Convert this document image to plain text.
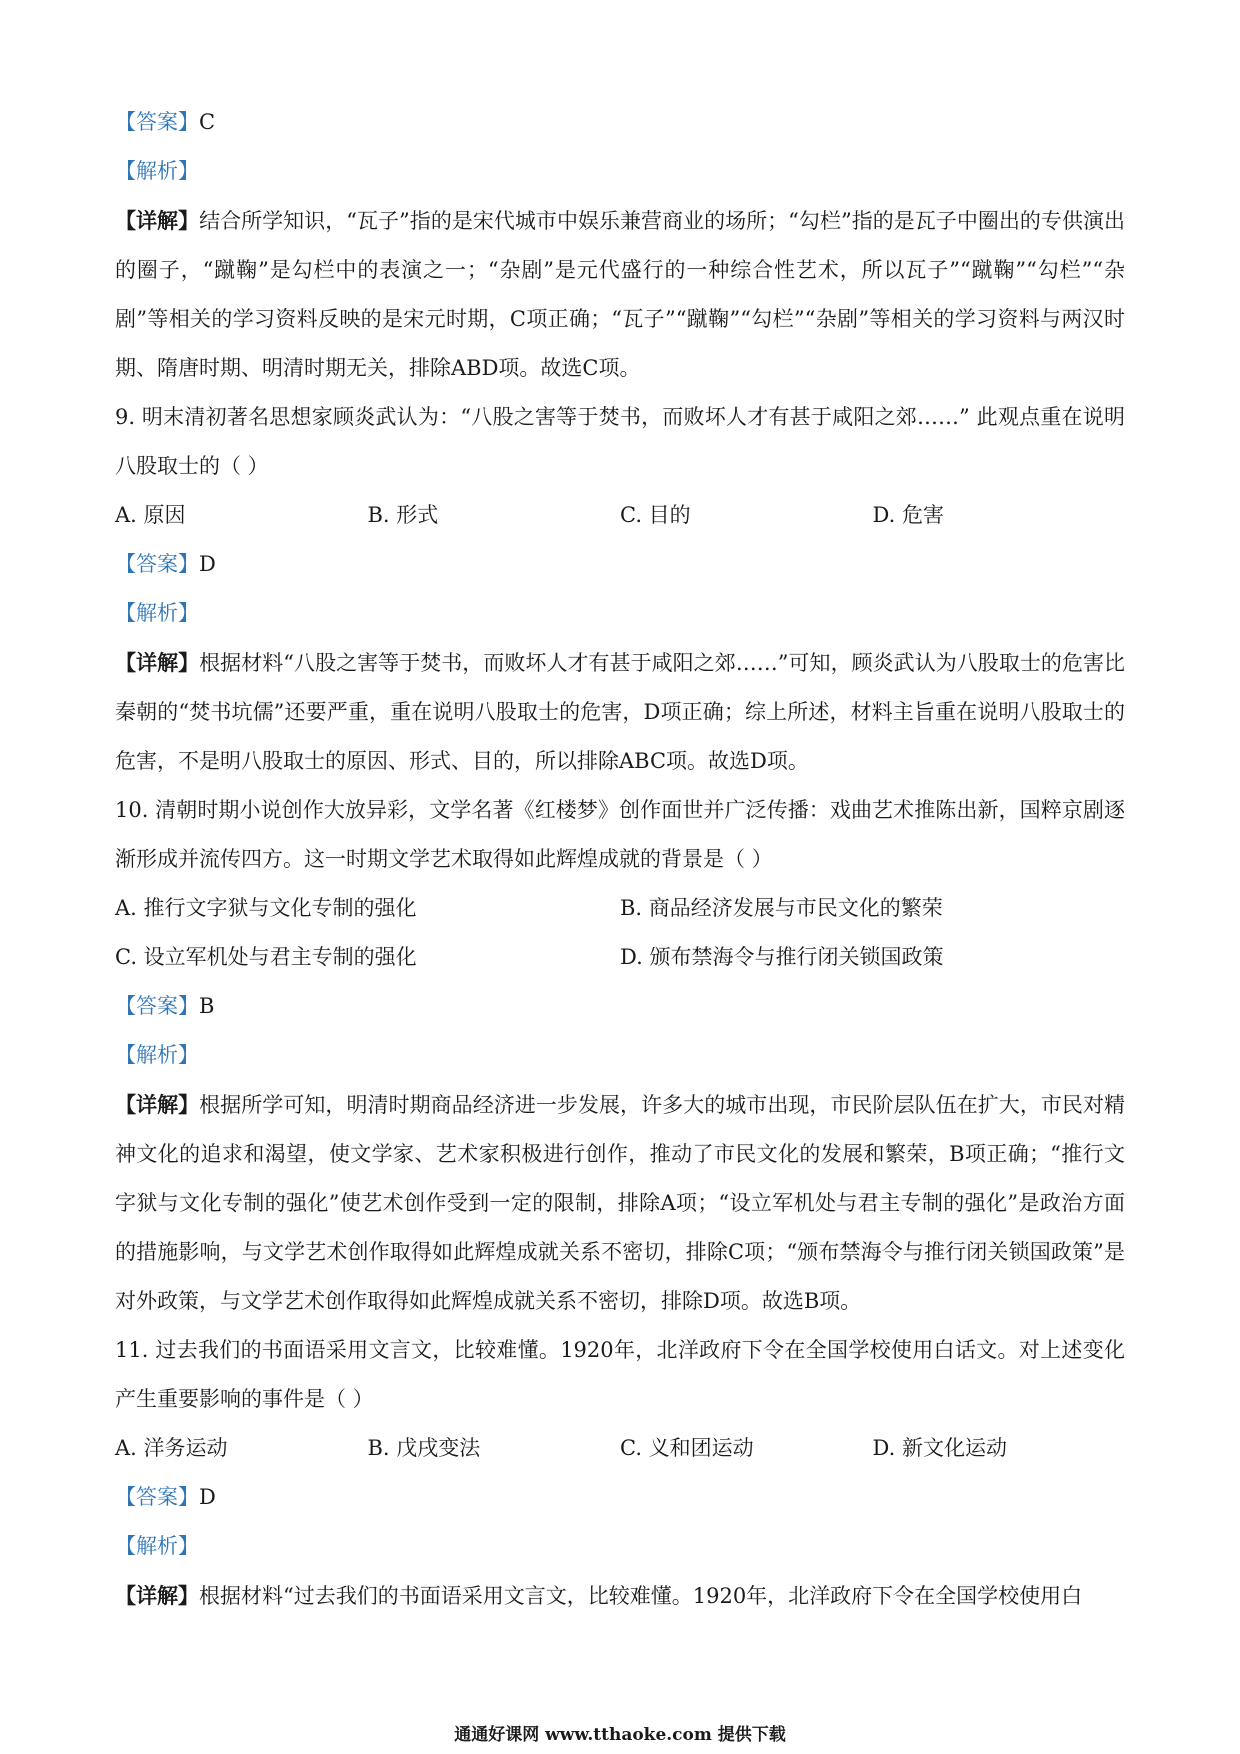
【答案】C
【解析】
【详解】结合所学知识，“瓦子”指的是宋代城市中娱乐兼营商业的场所；“勾栏”指的是瓦子中圈出的专供演出的圈子，“蹴鞠”是勾栏中的表演之一；“杂剧”是元代盛行的一种综合性艺术，所以瓦子”“蹴鞠”“勾栏”“杂剧”等相关的学习资料反映的是宋元时期，C项正确；“瓦子”“蹴鞠”“勾栏”“杂剧”等相关的学习资料与两汉时期、隋唐时期、明清时期无关，排除ABD项。故选C项。
9. 明末清初著名思想家顾炎武认为：“八股之害等于焚书，而败坏人才有甚于咸阳之郊……” 此观点重在说明八股取士的（ ）
A. 原因	B. 形式	C. 目的	D. 危害
【答案】D
【解析】
【详解】根据材料“八股之害等于焚书，而败坏人才有甚于咸阳之郊……”可知，顾炎武认为八股取士的危害比秦朝的“焚书坑儒”还要严重，重在说明八股取士的危害，D项正确；综上所述，材料主旨重在说明八股取士的危害，不是明八股取士的原因、形式、目的，所以排除ABC项。故选D项。
10. 清朝时期小说创作大放异彩，文学名著《红楼梦》创作面世并广泛传播：戏曲艺术推陈出新，国粹京剧逐渐形成并流传四方。这一时期文学艺术取得如此辉煌成就的背景是（ ）
A. 推行文字狱与文化专制的强化	B. 商品经济发展与市民文化的繁荣
C. 设立军机处与君主专制的强化	D. 颁布禁海令与推行闭关锁国政策
【答案】B
【解析】
【详解】根据所学可知，明清时期商品经济进一步发展，许多大的城市出现，市民阶层队伍在扩大，市民对精神文化的追求和渴望，使文学家、艺术家积极进行创作，推动了市民文化的发展和繁荣，B项正确；“推行文字狱与文化专制的强化”使艺术创作受到一定的限制，排除A项；“设立军机处与君主专制的强化”是政治方面的措施影响，与文学艺术创作取得如此辉煌成就关系不密切，排除C项；“颁布禁海令与推行闭关锁国政策”是对外政策，与文学艺术创作取得如此辉煌成就关系不密切，排除D项。故选B项。
11. 过去我们的书面语采用文言文，比较难懂。1920年，北洋政府下令在全国学校使用白话文。对上述变化产生重要影响的事件是（ ）
A. 洋务运动	B. 戊戌变法	C. 义和团运动	D. 新文化运动
【答案】D
【解析】
【详解】根据材料“过去我们的书面语采用文言文，比较难懂。1920年，北洋政府下令在全国学校使用白
通通好课网 www.tthaoke.com 提供下载
